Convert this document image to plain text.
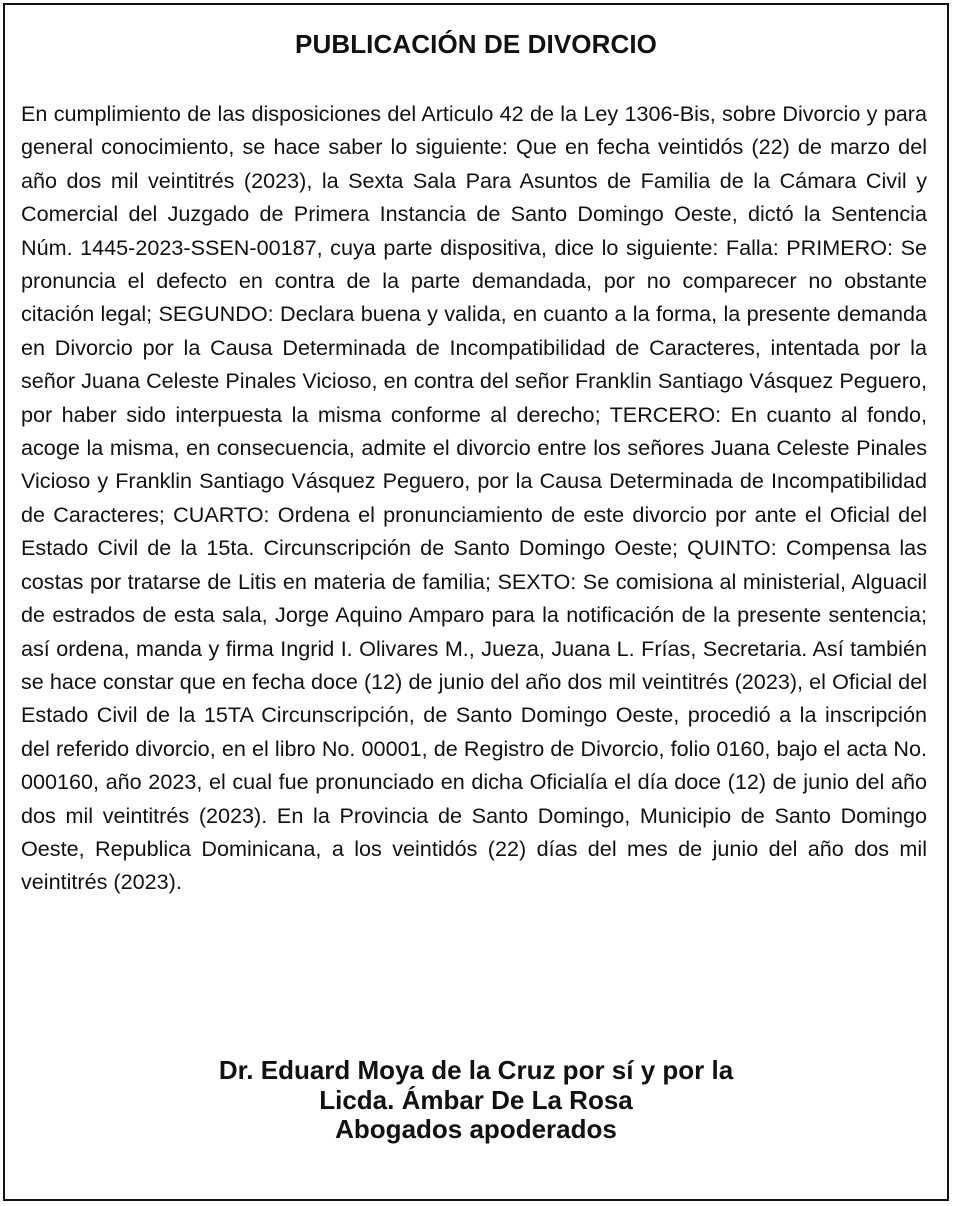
PUBLICACIÓN DE DIVORCIO

En cumplimiento de las disposiciones del Articulo 42 de la Ley 1306-Bis, sobre Divorcio y para general conocimiento, se hace saber lo siguiente: Que en fecha veintidós (22) de marzo del año dos mil veintitrés (2023), la Sexta Sala Para Asuntos de Familia de la Cámara Civil y Comercial del Juzgado de Primera Instancia de Santo Domingo Oeste, dictó la Sentencia Núm. 1445-2023-SSEN-00187, cuya parte dispositiva, dice lo siguiente: Falla: PRIMERO: Se pronuncia el defecto en contra de la parte demandada, por no comparecer no obstante citación legal; SEGUNDO: Declara buena y valida, en cuanto a la forma, la presente demanda en Divorcio por la Causa Determinada de Incompatibilidad de Caracteres, intentada por la señor Juana Celeste Pinales Vicioso, en contra del señor Franklin Santiago Vásquez Peguero, por haber sido interpuesta la misma conforme al derecho; TERCERO: En cuanto al fondo, acoge la misma, en consecuencia, admite el divorcio entre los señores Juana Celeste Pinales Vicioso y Franklin Santiago Vásquez Peguero, por la Causa Determinada de Incompatibilidad de Caracteres; CUARTO: Ordena el pronunciamiento de este divorcio por ante el Oficial del Estado Civil de la 15ta. Circunscripción de Santo Domingo Oeste; QUINTO: Compensa las costas por tratarse de Litis en materia de familia; SEXTO: Se comisiona al ministerial, Alguacil de estrados de esta sala, Jorge Aquino Amparo para la notificación de la presente sentencia; así ordena, manda y firma Ingrid I. Olivares M., Jueza, Juana L. Frías, Secretaria. Así también se hace constar que en fecha doce (12) de junio del año dos mil veintitrés (2023), el Oficial del Estado Civil de la 15TA Circunscripción, de Santo Domingo Oeste, procedió a la inscripción del referido divorcio, en el libro No. 00001, de Registro de Divorcio, folio 0160, bajo el acta No. 000160, año 2023, el cual fue pronunciado en dicha Oficialía el día doce (12) de junio del año dos mil veintitrés (2023). En la Provincia de Santo Domingo, Municipio de Santo Domingo Oeste, Republica Dominicana, a los veintidós (22) días del mes de junio del año dos mil veintitrés (2023).

Dr. Eduard Moya de la Cruz por sí y por la
Licda. Ámbar De La Rosa
Abogados apoderados
